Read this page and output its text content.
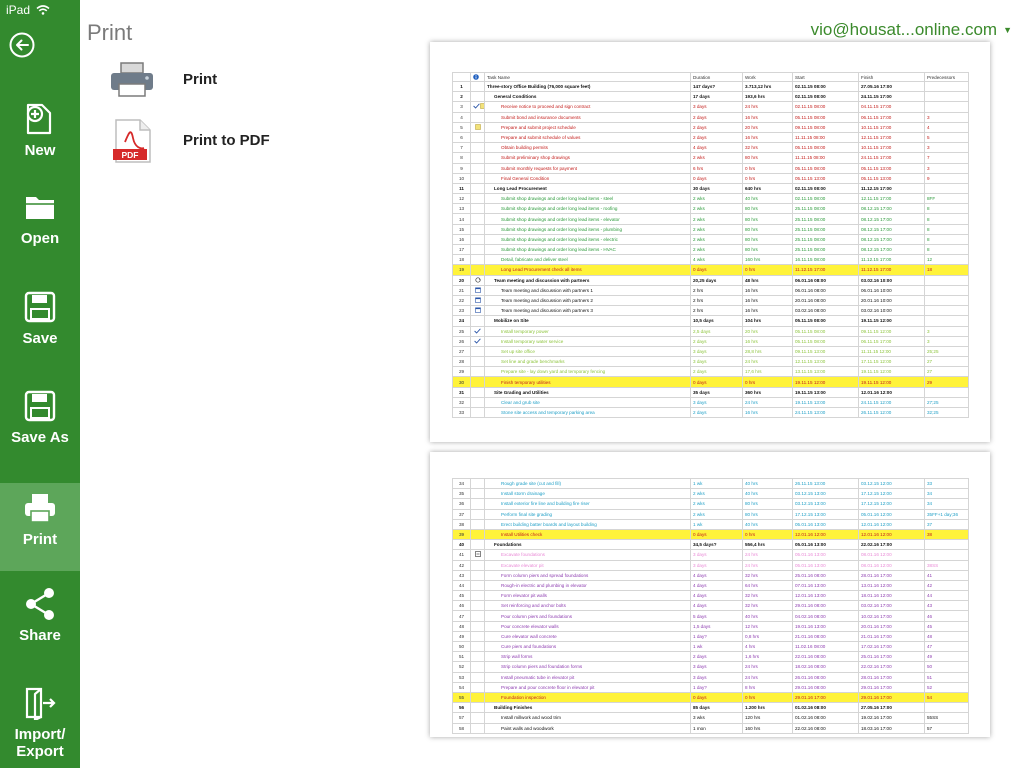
iPad
New
Open
Save
Save As
Print
Share
Import/
Export
Print	vio@housat...online.com ▼
Print
PDF
Print to PDF
		Task Name	Duration	Work	Start	Finish	Predecessors
1		Three-story Office Building (76,000 square feet)	147 days?	3.713,12 hrs	02.11.15 08:00	27.05.16 17:00	
2		General Conditions	17 days	193,6 hrs	02.11.15 08:00	24.11.15 17:00	
3		Receive notice to proceed and sign contract	3 days	24 hrs	02.11.15 08:00	04.11.15 17:00	
4		Submit bond and insurance documents	2 days	16 hrs	05.11.15 08:00	06.11.15 17:00	3
5		Prepare and submit project schedule	2 days	20 hrs	09.11.15 08:00	10.11.15 17:00	4
6		Prepare and submit schedule of values	2 days	16 hrs	11.11.15 08:00	12.11.15 17:00	5
7		Obtain building permits	4 days	32 hrs	05.11.15 08:00	10.11.15 17:00	3
8		Submit preliminary shop drawings	2 wks	80 hrs	11.11.15 08:00	24.11.15 17:00	7
9		Submit monthly requests for payment	6 hrs	0 hrs	05.11.15 08:00	05.11.15 13:00	3
10		Final General Condition	0 days	0 hrs	05.11.15 13:00	05.11.15 13:00	9
11		Long Lead Procurement	30 days	640 hrs	02.11.15 08:00	11.12.15 17:00	
12		Submit shop drawings and order long lead items - steel	2 wks	40 hrs	02.11.15 08:00	12.11.15 17:00	8FF
13		Submit shop drawings and order long lead items - roofing	2 wks	80 hrs	25.11.15 08:00	08.12.15 17:00	8
14		Submit shop drawings and order long lead items - elevator	2 wks	80 hrs	25.11.15 08:00	08.12.15 17:00	8
15		Submit shop drawings and order long lead items - plumbing	2 wks	80 hrs	25.11.15 08:00	08.12.15 17:00	8
16		Submit shop drawings and order long lead items - electric	2 wks	80 hrs	25.11.15 08:00	08.12.15 17:00	8
17		Submit shop drawings and order long lead items - HVAC	2 wks	80 hrs	25.11.15 08:00	08.12.15 17:00	8
18		Detail, fabricate and deliver steel	4 wks	160 hrs	16.11.15 08:00	11.12.15 17:00	12
19		Long Lead Procurement check all items	0 days	0 hrs	11.12.15 17:00	11.12.15 17:00	18
20		Team meeting and discussion with partners	20,25 days	48 hrs	06.01.16 08:00	03.02.16 10:00	
21		Team meeting and discussion with partners 1	2 hrs	16 hrs	06.01.16 08:00	06.01.16 10:00	
22		Team meeting and discussion with partners 2	2 hrs	16 hrs	20.01.16 08:00	20.01.16 10:00	
23		Team meeting and discussion with partners 3	2 hrs	16 hrs	03.02.16 08:00	03.02.16 10:00	
24		Mobilize on Site	10,5 days	104 hrs	05.11.15 08:00	19.11.15 12:00	
25		Install temporary power	2,5 days	20 hrs	05.11.15 08:00	09.11.15 12:00	3
26		Install temporary water service	2 days	16 hrs	05.11.15 08:00	06.11.15 17:00	3
27		Set up site office	3 days	28,8 hrs	09.11.15 13:00	11.11.15 12:00	25;25
28		Set line and grade benchmarks	3 days	24 hrs	12.11.15 13:00	17.11.15 12:00	27
29		Prepare site - lay down yard and temporary fencing	2 days	17,6 hrs	13.11.15 13:00	19.11.15 12:00	27
30		Finish temporary utilities	0 days	0 hrs	19.11.15 12:00	19.11.15 12:00	29
31		Site Grading and Utilities	35 days	360 hrs	19.11.15 13:00	12.01.16 12:00	
32		Clear and grub site	3 days	24 hrs	19.11.15 13:00	24.11.15 12:00	27;25
33		Stone site access and temporary parking area	2 days	16 hrs	24.11.15 13:00	26.11.15 12:00	32;25
34		Rough grade site (cut and fill)	1 wk	40 hrs	26.11.15 13:00	03.12.15 12:00	33
35		Install storm drainage	2 wks	40 hrs	03.12.15 13:00	17.12.15 12:00	34
36		Install exterior fire line and building fire riser	2 wks	80 hrs	03.12.15 13:00	17.12.15 12:00	34
37		Perform final site grading	2 wks	80 hrs	17.12.15 13:00	05.01.16 12:00	35FF+1 day;36
38		Erect building batter boards and layout building	1 wk	40 hrs	05.01.16 13:00	12.01.16 12:00	37
39		Install Utilities check	0 days	0 hrs	12.01.16 12:00	12.01.16 12:00	38
40		Foundations	34,5 days?	556,4 hrs	05.01.16 13:00	22.02.16 17:00	
41		Excavate foundations	3 days	24 hrs	05.01.16 13:00	08.01.16 12:00	
42		Excavate elevator pit	3 days	24 hrs	05.01.16 13:00	08.01.16 12:00	38SS
43		Form column piers and spread foundations	4 days	32 hrs	25.01.16 08:00	28.01.16 17:00	41
44		Rough-in electric and plumbing in elevator	4 days	64 hrs	07.01.16 13:00	13.01.16 12:00	42
45		Form elevator pit walls	4 days	32 hrs	12.01.16 13:00	18.01.16 12:00	44
46		Set reinforcing and anchor bolts	4 days	32 hrs	29.01.16 08:00	03.02.16 17:00	43
47		Pour column piers and foundations	5 days	40 hrs	04.02.16 08:00	10.02.16 17:00	46
48		Pour concrete elevator walls	1,5 days	12 hrs	19.01.16 13:00	20.01.16 17:00	45
49		Cure elevator wall concrete	1 day?	0,8 hrs	21.01.16 08:00	21.01.16 17:00	48
50		Cure piers and foundations	1 wk	4 hrs	11.02.16 08:00	17.02.16 17:00	47
51		Strip wall forms	2 days	1,6 hrs	22.01.16 08:00	25.01.16 17:00	49
52		Strip column piers and foundation forms	3 days	24 hrs	18.02.16 08:00	22.02.16 17:00	50
53		Install pneumatic tube in elevator pit	3 days	24 hrs	26.01.16 08:00	28.01.16 17:00	51
54		Prepare and pour concrete floor in elevator pit	1 day?	8 hrs	29.01.16 08:00	29.01.16 17:00	52
55		Foundation inspection	0 days	0 hrs	29.01.16 17:00	29.01.16 17:00	54
56		Building Finishes	85 days	1.200 hrs	01.02.16 08:00	27.05.16 17:00	
57		Install millwork and wood trim	3 wks	120 hrs	01.02.16 08:00	19.02.16 17:00	55SS
58		Paint walls and woodwork	1 mon	160 hrs	22.02.16 08:00	18.03.16 17:00	57
